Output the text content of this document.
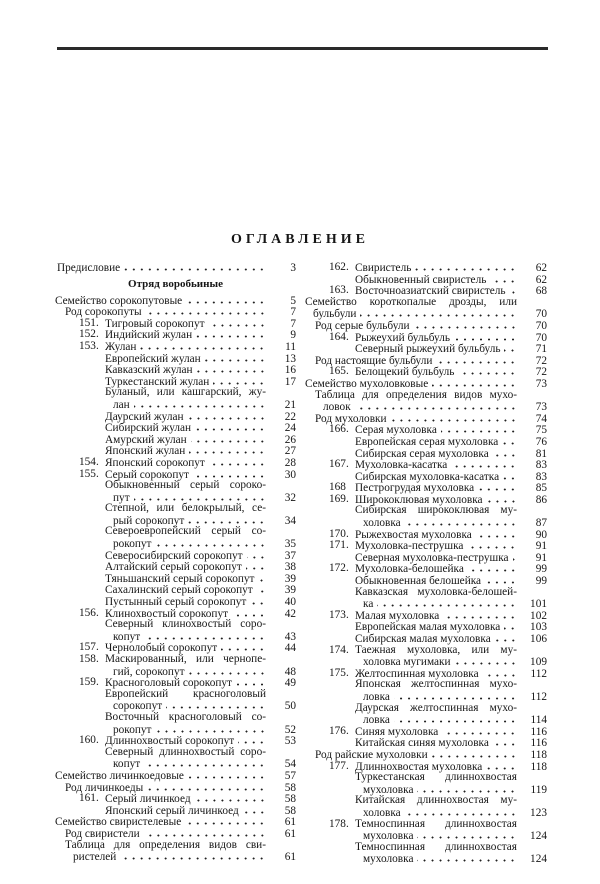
ОГЛАВЛЕНИЕ
Предисловие	3
Отряд воробьиные
Семейство сорокопутовые	5
Род сорокопуты	7
151. Тигровый сорокопут	7
152. Индийский жулан	9
153. Жулан	11
Европейский жулан	13
Кавказский жулан	16
Туркестанский жулан	17
Буланый, или кашгарский, жу-
лан	21
Даурский жулан	22
Сибирский жулан	24
Амурский жулан	26
Японский жулан	27
154. Японский сорокопут	28
155. Серый сорокопут	30
Обыкновенный серый сороко-
пут	32
Степной, или белокрылый, се-
рый сорокопут	34
Североевропейский серый со-
рокопут	35
Северосибирский сорокопут	37
Алтайский серый сорокопут	38
Тяньшанский серый сорокопут	39
Сахалинский серый сорокопут	39
Пустынный серый сорокопут	40
156. Клинохвостый сорокопут	42
Северный клинохвостый соро-
копут	43
157. Чернолобый сорокопут	44
158. Маскированный, или чернопе-
гий, сорокопут	48
159. Красноголовый сорокопут	49
Европейский красноголовый
сорокопут	50
Восточный красноголовый со-
рокопут	52
160. Длиннохвостый сорокопут	53
Северный длиннохвостый соро-
копут	54
Семейство личинкоедовые	57
Род личинкоеды	58
161. Серый личинкоед	58
Японский серый личинкоед	58
Семейство свиристелевые	61
Род свиристели	61
Таблица для определения видов сви-
ристелей	61
162. Свиристель	62
Обыкновенный свиристель	62
163. Восточноазиатский свиристель	68
Семейство короткопалые дрозды, или
бульбули	70
Род серые бульбули	70
164. Рыжеухий бульбуль	70
Северный рыжеухий бульбуль	71
Род настоящие бульбули	72
165. Белощекий бульбуль	72
Семейство мухоловковые	73
Таблица для определения видов мухо-
ловок	73
Род мухоловки	74
166. Серая мухоловка	75
Европейская серая мухоловка	76
Сибирская серая мухоловка	81
167. Мухоловка-касатка	83
Сибирская мухоловка-касатка	83
168 Пестрогрудая мухоловка	85
169. Ширококлювая мухоловка	86
Сибирская ширококлювая му-
холовка	87
170. Рыжехвостая мухоловка	90
171. Мухоловка-пеструшка	91
Северная мухоловка-пеструшка	91
172. Мухоловка-белошейка	99
Обыкновенная белошейка	99
Кавказская мухоловка-белошей-
ка	101
173. Малая мухоловка	102
Европейская малая мухоловка	103
Сибирская малая мухоловка	106
174. Таежная мухоловка, или му-
холовка мугимаки	109
175. Желтоспинная мухоловка	112
Японская желтоспинная мухо-
ловка	112
Даурская желтоспинная мухо-
ловка	114
176. Синяя мухоловка	116
Китайская синяя мухоловка	116
Род райские мухоловки	118
177. Длиннохвостая мухоловка	118
Туркестанская длиннохвостая
мухоловка	119
Китайская длиннохвостая му-
холовка	123
178. Темноспинная длиннохвостая
мухоловка	124
Темноспинная длиннохвостая
мухоловка	124
